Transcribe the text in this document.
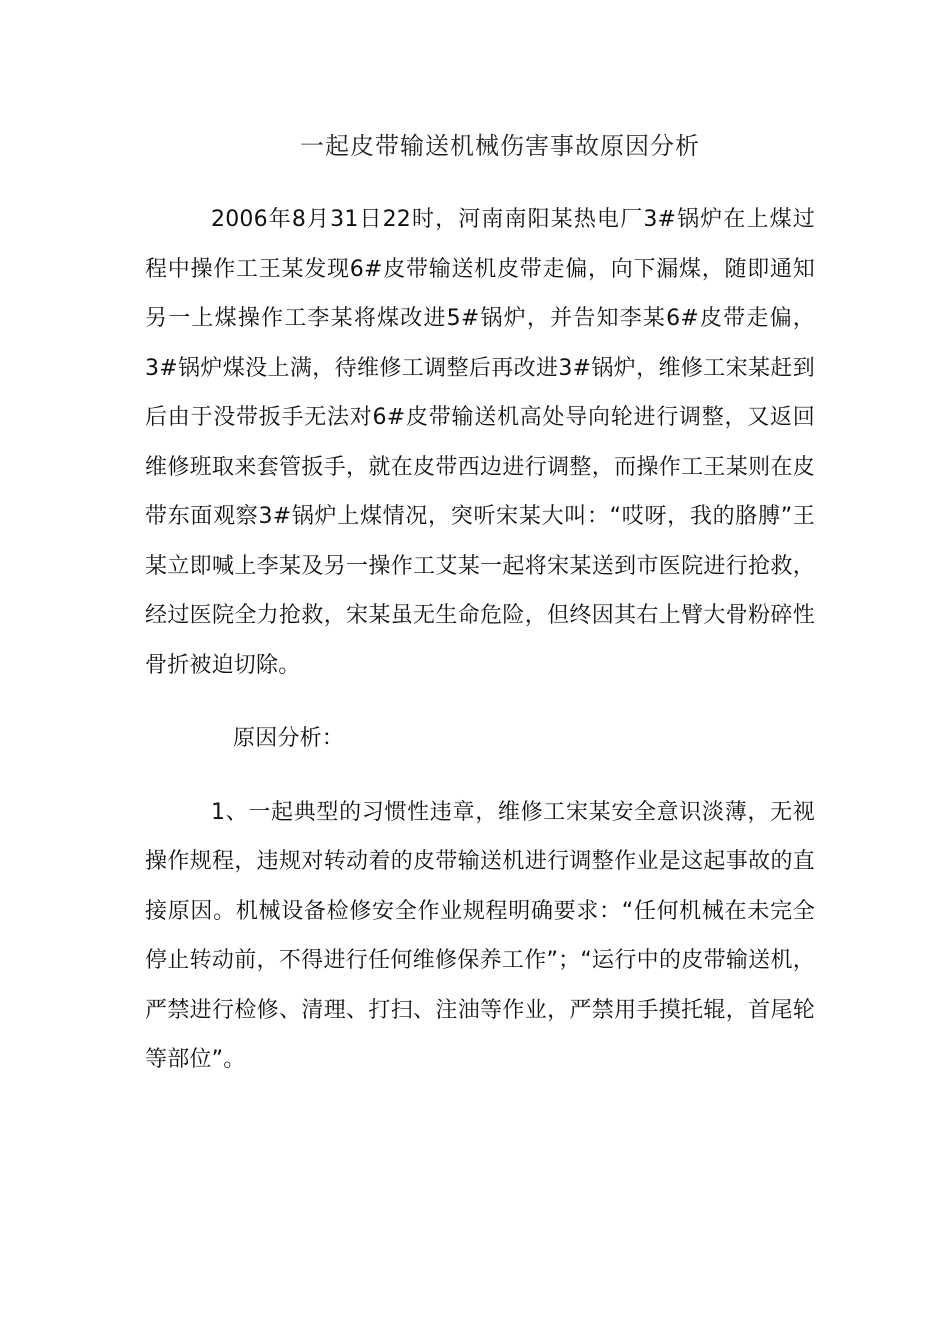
一起皮带输送机械伤害事故原因分析

2006年8月31日22时，河南南阳某热电厂3#锅炉在上煤过程中操作工王某发现6#皮带输送机皮带走偏，向下漏煤，随即通知另一上煤操作工李某将煤改进5#锅炉，并告知李某6#皮带走偏，3#锅炉煤没上满，待维修工调整后再改进3#锅炉，维修工宋某赶到后由于没带扳手无法对6#皮带输送机高处导向轮进行调整，又返回维修班取来套管扳手，就在皮带西边进行调整，而操作工王某则在皮带东面观察3#锅炉上煤情况，突听宋某大叫：“哎呀，我的胳膊”王某立即喊上李某及另一操作工艾某一起将宋某送到市医院进行抢救，经过医院全力抢救，宋某虽无生命危险，但终因其右上臂大骨粉碎性骨折被迫切除。

原因分析：

1、一起典型的习惯性违章，维修工宋某安全意识淡薄，无视操作规程，违规对转动着的皮带输送机进行调整作业是这起事故的直接原因。机械设备检修安全作业规程明确要求：“任何机械在未完全停止转动前，不得进行任何维修保养工作”；“运行中的皮带输送机，严禁进行检修、清理、打扫、注油等作业，严禁用手摸托辊，首尾轮等部位”。
